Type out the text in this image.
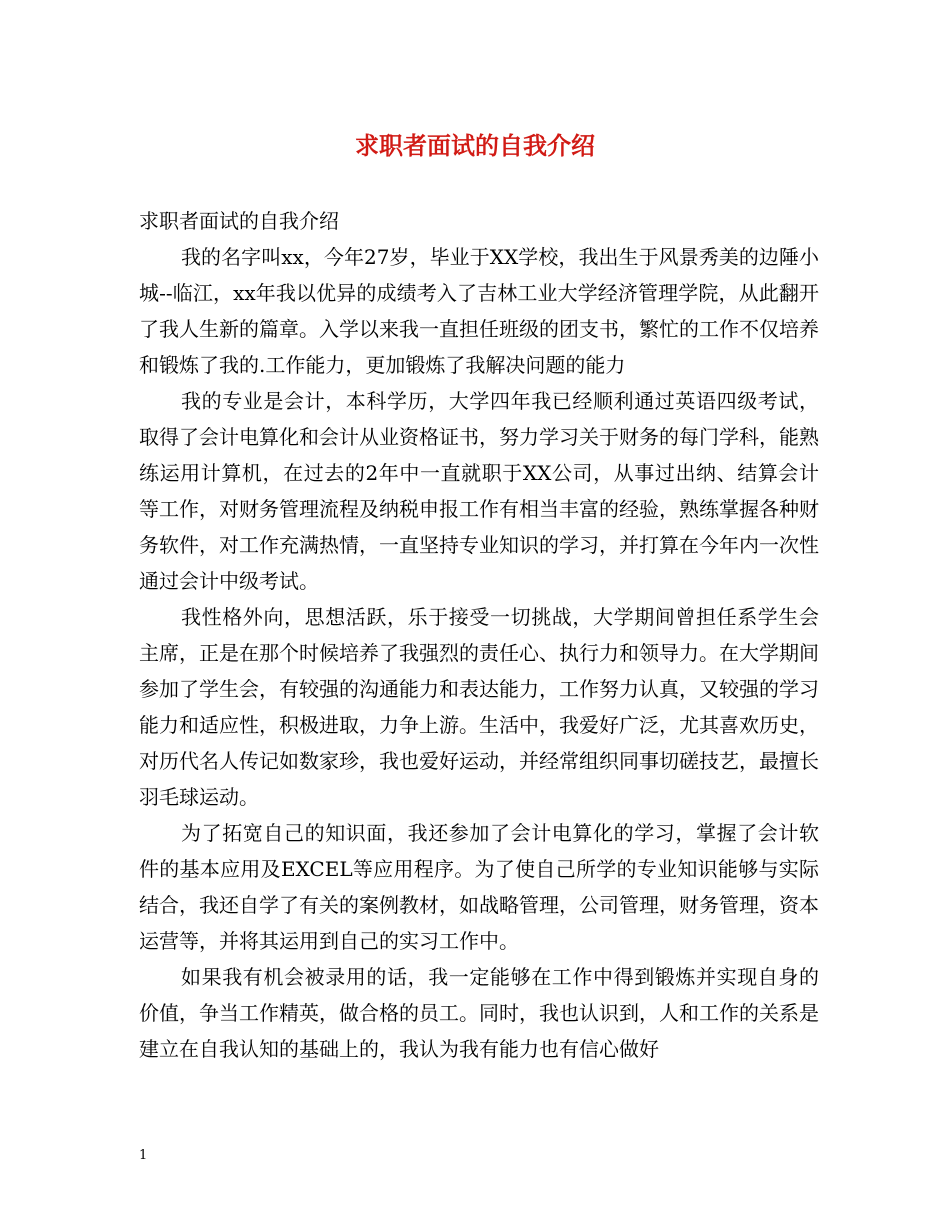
求职者面试的自我介绍

求职者面试的自我介绍

我的名字叫xx，今年27岁，毕业于XX学校，我出生于风景秀美的边陲小城--临江，xx年我以优异的成绩考入了吉林工业大学经济管理学院，从此翻开了我人生新的篇章。入学以来我一直担任班级的团支书，繁忙的工作不仅培养和锻炼了我的.工作能力，更加锻炼了我解决问题的能力

我的专业是会计，本科学历，大学四年我已经顺利通过英语四级考试，取得了会计电算化和会计从业资格证书，努力学习关于财务的每门学科，能熟练运用计算机，在过去的2年中一直就职于XX公司，从事过出纳、结算会计等工作，对财务管理流程及纳税申报工作有相当丰富的经验，熟练掌握各种财务软件，对工作充满热情，一直坚持专业知识的学习，并打算在今年内一次性通过会计中级考试。

我性格外向，思想活跃，乐于接受一切挑战，大学期间曾担任系学生会主席，正是在那个时候培养了我强烈的责任心、执行力和领导力。在大学期间参加了学生会，有较强的沟通能力和表达能力，工作努力认真，又较强的学习能力和适应性，积极进取，力争上游。生活中，我爱好广泛，尤其喜欢历史，对历代名人传记如数家珍，我也爱好运动，并经常组织同事切磋技艺，最擅长羽毛球运动。

为了拓宽自己的知识面，我还参加了会计电算化的学习，掌握了会计软件的基本应用及EXCEL等应用程序。为了使自己所学的专业知识能够与实际结合，我还自学了有关的案例教材，如战略管理，公司管理，财务管理，资本运营等，并将其运用到自己的实习工作中。

如果我有机会被录用的话，我一定能够在工作中得到锻炼并实现自身的价值，争当工作精英，做合格的员工。同时，我也认识到，人和工作的关系是建立在自我认知的基础上的，我认为我有能力也有信心做好

1
